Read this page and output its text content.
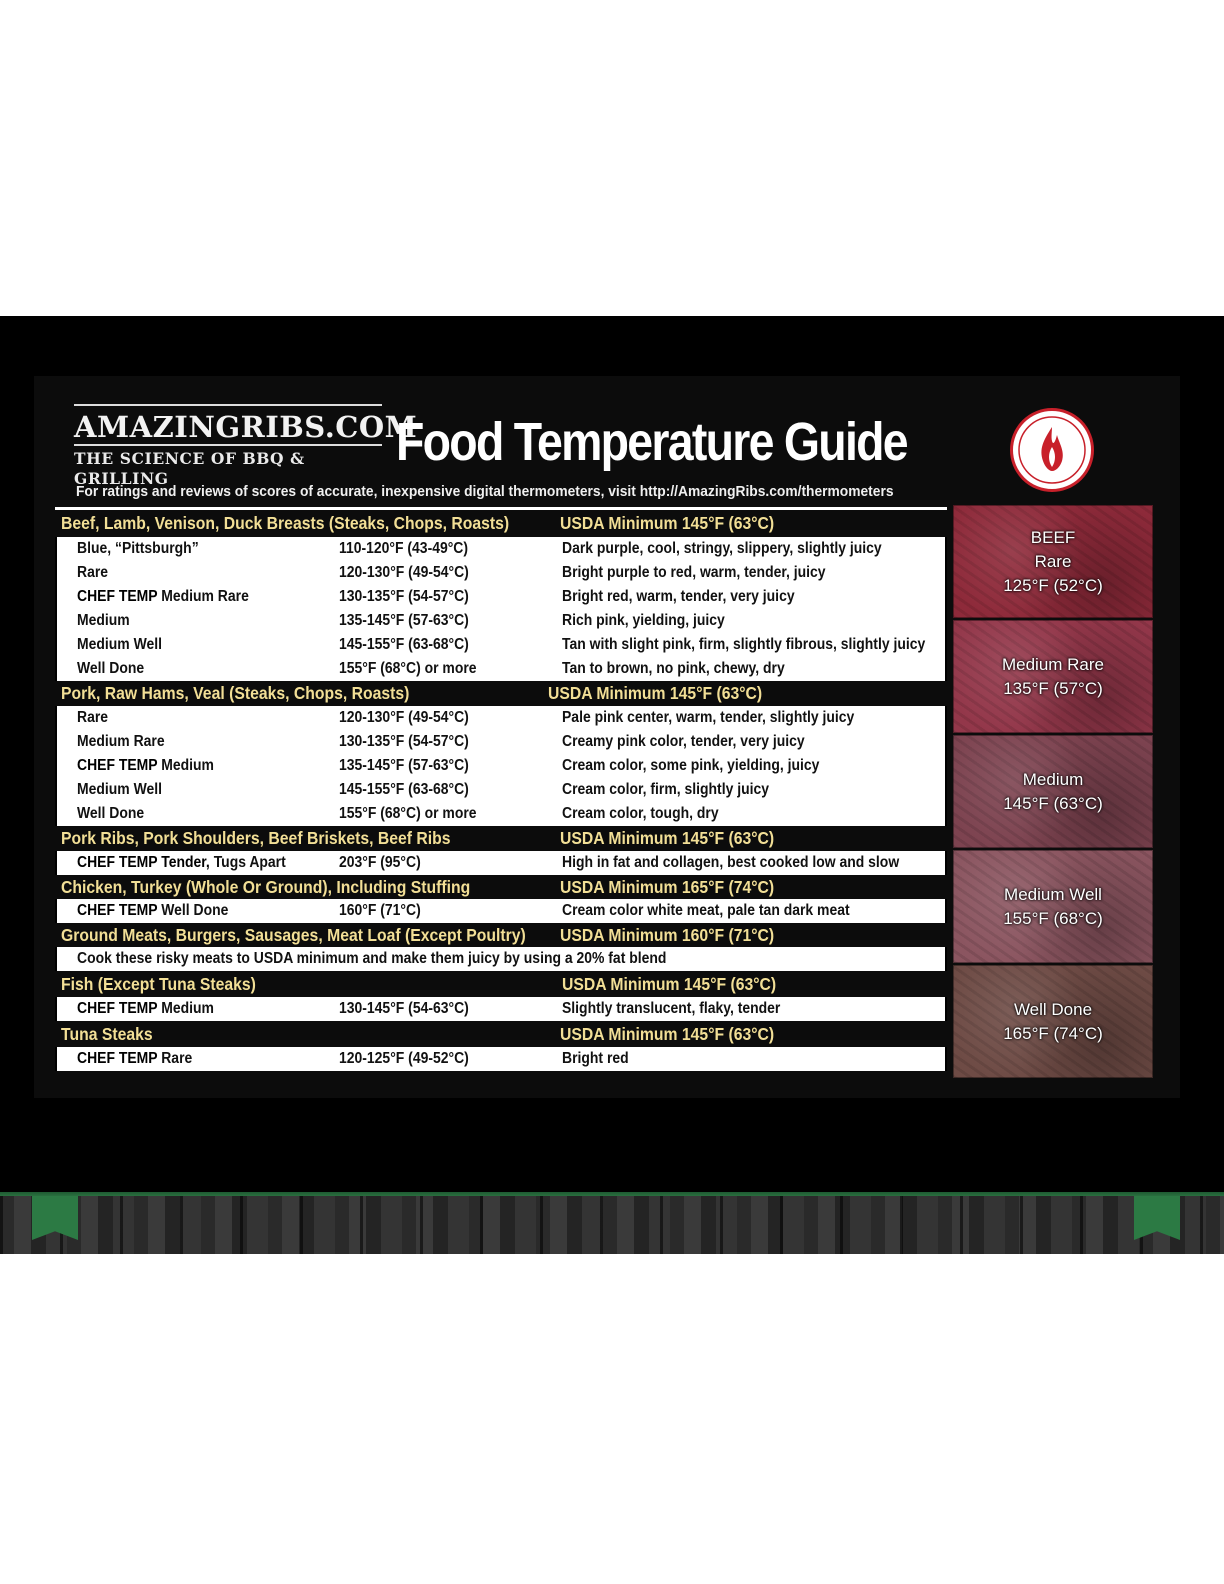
AMAZINGRIBS.COM
THE SCIENCE OF BBQ & GRILLING
Food Temperature Guide
For ratings and reviews of scores of accurate, inexpensive digital thermometers, visit http://AmazingRibs.com/thermometers
Beef, Lamb, Venison, Duck Breasts (Steaks, Chops, Roasts)	USDA Minimum 145°F (63°C)
Blue, “Pittsburgh”	110-120°F (43-49°C)	Dark purple, cool, stringy, slippery, slightly juicy
Rare	120-130°F (49-54°C)	Bright purple to red, warm, tender, juicy
CHEF TEMP Medium Rare	130-135°F (54-57°C)	Bright red, warm, tender, very juicy
Medium	135-145°F (57-63°C)	Rich pink, yielding, juicy
Medium Well	145-155°F (63-68°C)	Tan with slight pink, firm, slightly fibrous, slightly juicy
Well Done	155°F (68°C) or more	Tan to brown, no pink, chewy, dry
Pork, Raw Hams, Veal (Steaks, Chops, Roasts)	USDA Minimum 145°F (63°C)
Rare	120-130°F (49-54°C)	Pale pink center, warm, tender, slightly juicy
Medium Rare	130-135°F (54-57°C)	Creamy pink color, tender, very juicy
CHEF TEMP Medium	135-145°F (57-63°C)	Cream color, some pink, yielding, juicy
Medium Well	145-155°F (63-68°C)	Cream color, firm, slightly juicy
Well Done	155°F (68°C) or more	Cream color, tough, dry
Pork Ribs, Pork Shoulders, Beef Briskets, Beef Ribs	USDA Minimum 145°F (63°C)
CHEF TEMP Tender, Tugs Apart	203°F (95°C)	High in fat and collagen, best cooked low and slow
Chicken, Turkey (Whole Or Ground), Including Stuffing	USDA Minimum 165°F (74°C)
CHEF TEMP Well Done	160°F (71°C)	Cream color white meat, pale tan dark meat
Ground Meats, Burgers, Sausages, Meat Loaf (Except Poultry) USDA Minimum 160°F (71°C)
Cook these risky meats to USDA minimum and make them juicy by using a 20% fat blend
Fish (Except Tuna Steaks)	USDA Minimum 145°F (63°C)
CHEF TEMP Medium	130-145°F (54-63°C)	Slightly translucent, flaky, tender
Tuna Steaks	USDA Minimum 145°F (63°C)
CHEF TEMP Rare	120-125°F (49-52°C)	Bright red
BEEF
Rare
125°F (52°C)
Medium Rare
135°F (57°C)
Medium
145°F (63°C)
Medium Well
155°F (68°C)
Well Done
165°F (74°C)
